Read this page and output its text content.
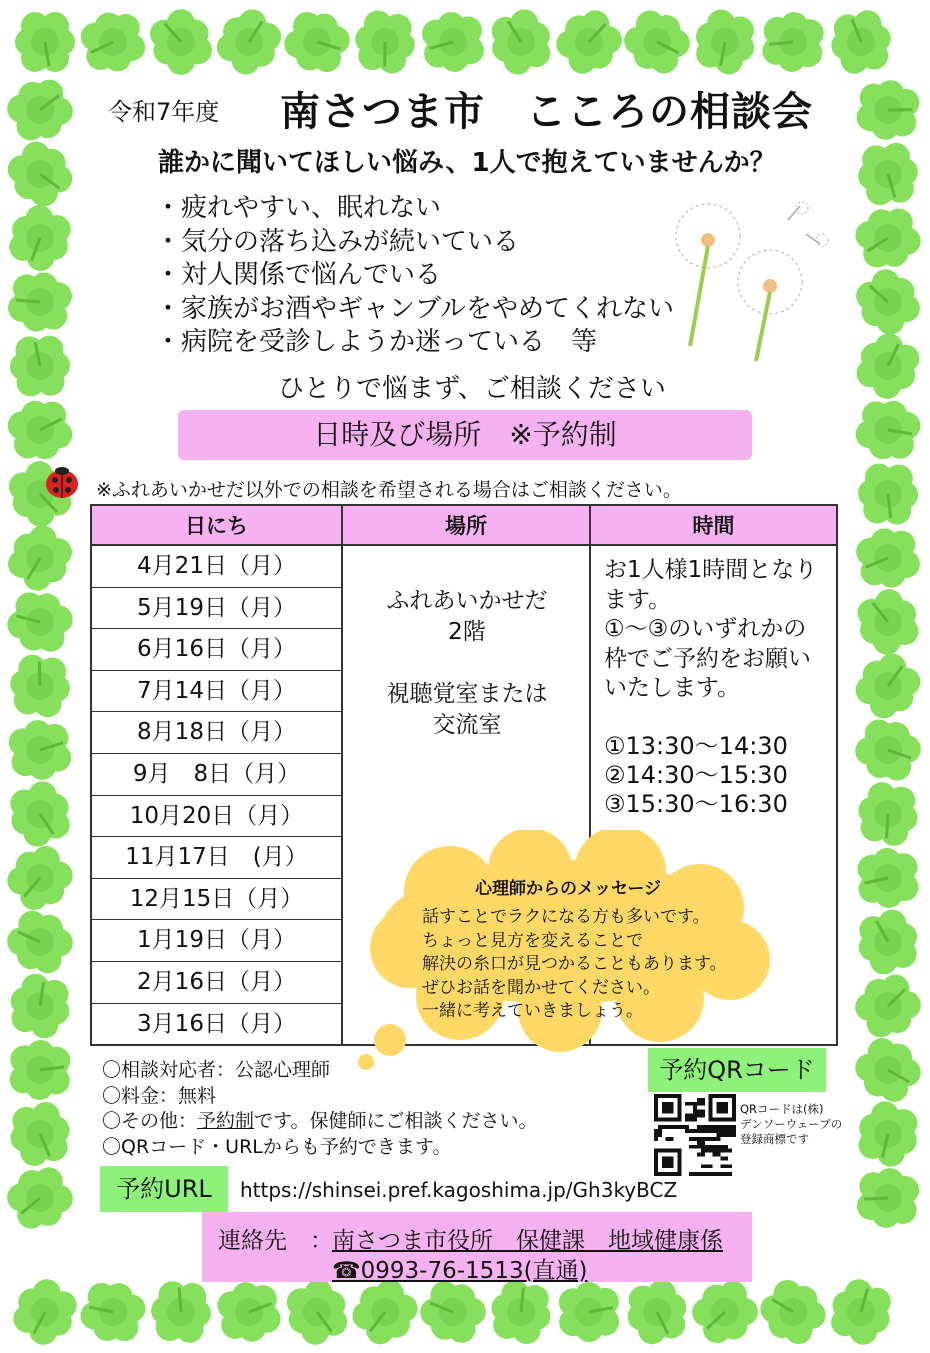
令和7年度 南さつま市　こころの相談会
誰かに聞いてほしい悩み、1人で抱えていませんか？
・疲れやすい、眠れない
・気分の落ち込みが続いている
・対人関係で悩んでいる
・家族がお酒やギャンブルをやめてくれない
・病院を受診しようか迷っている　等
ひとりで悩まず、ご相談ください
日時及び場所　※予約制
※ふれあいかせだ以外での相談を希望される場合はご相談ください。
日にち	場所	時間
4月21日（月）
5月19日（月）
6月16日（月）
7月14日（月）
8月18日（月）
9月　8日（月）
10月20日（月）
11月17日　(月）
12月15日（月）
1月19日（月）
2月16日（月）
3月16日（月）
ふれあいかせだ
2階
視聴覚室または
交流室
お1人様1時間となり
ます。
①～③のいずれかの
枠でご予約をお願い
いたします。
①13:30～14:30
②14:30～15:30
③15:30～16:30
心理師からのメッセージ
話すことでラクになる方も多いです。
ちょっと見方を変えることで
解決の糸口が見つかることもあります。
ぜひお話を聞かせてください。
一緒に考えていきましょう。
〇相談対応者：公認心理師
〇料金：無料
〇その他：予約制です。保健師にご相談ください。
〇QRコード・URLからも予約できます。
予約QRコード
QRコードは(株)
デンソーウェーブの
登録商標です
予約URL	https://shinsei.pref.kagoshima.jp/Gh3kyBCZ
連絡先 ： 南さつま市役所　保健課　地域健康係
☎0993-76-1513(直通)
